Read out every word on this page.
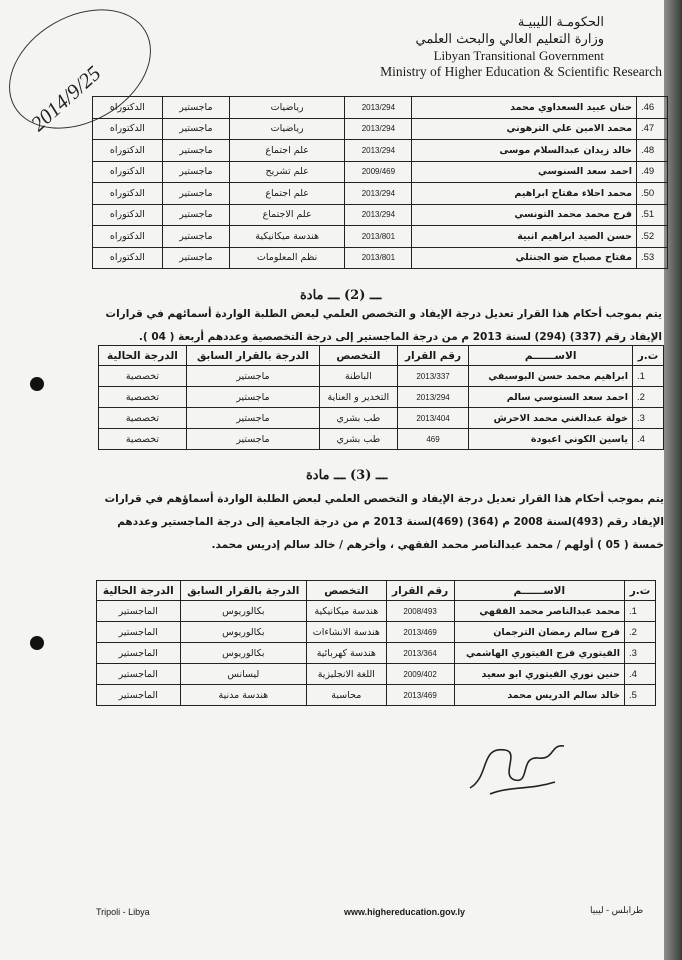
2014/9/25
الحكومـة الليبيـة
وزارة التعليم العالي والبحث العلمي
Libyan Transitional Government
Ministry of Higher Education & Scientific Research
46.	حنان عبيد السعداوي محمد	2013/294	رياضيات	ماجستير	الدكتوراه
47.	محمد الامين علي الترهوني	2013/294	رياضيات	ماجستير	الدكتوراه
48.	خالد زيدان عبدالسلام موسى	2013/294	علم اجتماع	ماجستير	الدكتوراه
49.	احمد سعد السنوسي	2009/469	علم تشريح	ماجستير	الدكتوراه
50.	محمد احلاء مفتاح ابراهيم	2013/294	علم اجتماع	ماجستير	الدكتوراه
51.	فرج محمد محمد التونسي	2013/294	علم الاجتماع	ماجستير	الدكتوراه
52.	حسن الصيد ابراهيم انبية	2013/801	هندسة ميكانيكية	ماجستير	الدكتوراه
53.	مفتاح مصباح ضو الجنتلي	2013/801	نظم المعلومات	ماجستير	الدكتوراه
ـــ (2) ـــ مادة
يتم بموجب أحكام هذا القرار تعديل درجة الإيفاد و التخصص العلمي لبعض الطلبة الواردة أسمائهم في قرارات الإيفاد رقم (337) (294) لسنة 2013 م من درجة الماجستير إلى درجة التخصصية وعددهم أربعة ( 04 ).
ت.ر	الاســــــم	رقم القرار	التخصص	الدرجة بالقرار السابق	الدرجة الحالية
1.	ابراهيم محمد حسن البوسيفي	2013/337	الباطنة	ماجستير	تخصصية
2.	احمد سعد السنوسي سالم	2013/294	التخدير و العناية	ماجستير	تخصصية
3.	خولة عبدالغني محمد الاحرش	2013/404	طب بشري	ماجستير	تخصصية
4.	ياسين الكوني اعبودة	469	طب بشري	ماجستير	تخصصية
ـــ (3) ـــ مادة
يتم بموجب أحكام هذا القرار تعديل درجة الإيفاد و التخصص العلمي لبعض الطلبة الواردة أسماؤهم في قرارات الإيفاد رقم (493)لسنة 2008 م (364) (469)لسنة 2013 م من درجة الجامعية إلى درجة الماجستير وعددهم خمسة ( 05 ) أولهم / محمد عبدالناصر محمد الفقهي ، وأخرهم / خالد سالم إدريس محمد.
ت.ر	الاســــــم	رقم القرار	التخصص	الدرجة بالقرار السابق	الدرجة الحالية
1.	محمد عبدالناصر محمد الفقهي	2008/493	هندسة ميكانيكية	بكالوريوس	الماجستير
2.	فرج سالم رمضان الترجمان	2013/469	هندسة الانشاءات	بكالوريوس	الماجستير
3.	الفيتوري فرج الفيتوري الهاشمي	2013/364	هندسة كهربائية	بكالوريوس	الماجستير
4.	حنين نوري الفيتوري ابو سعيد	2009/402	اللغة الانجليزية	ليسانس	الماجستير
5.	خالد سالم الدريس محمد	2013/469	محاسبة	هندسة مدنية	الماجستير
Tripoli - Libya	www.highereducation.gov.ly	طرابلس - ليبيا
